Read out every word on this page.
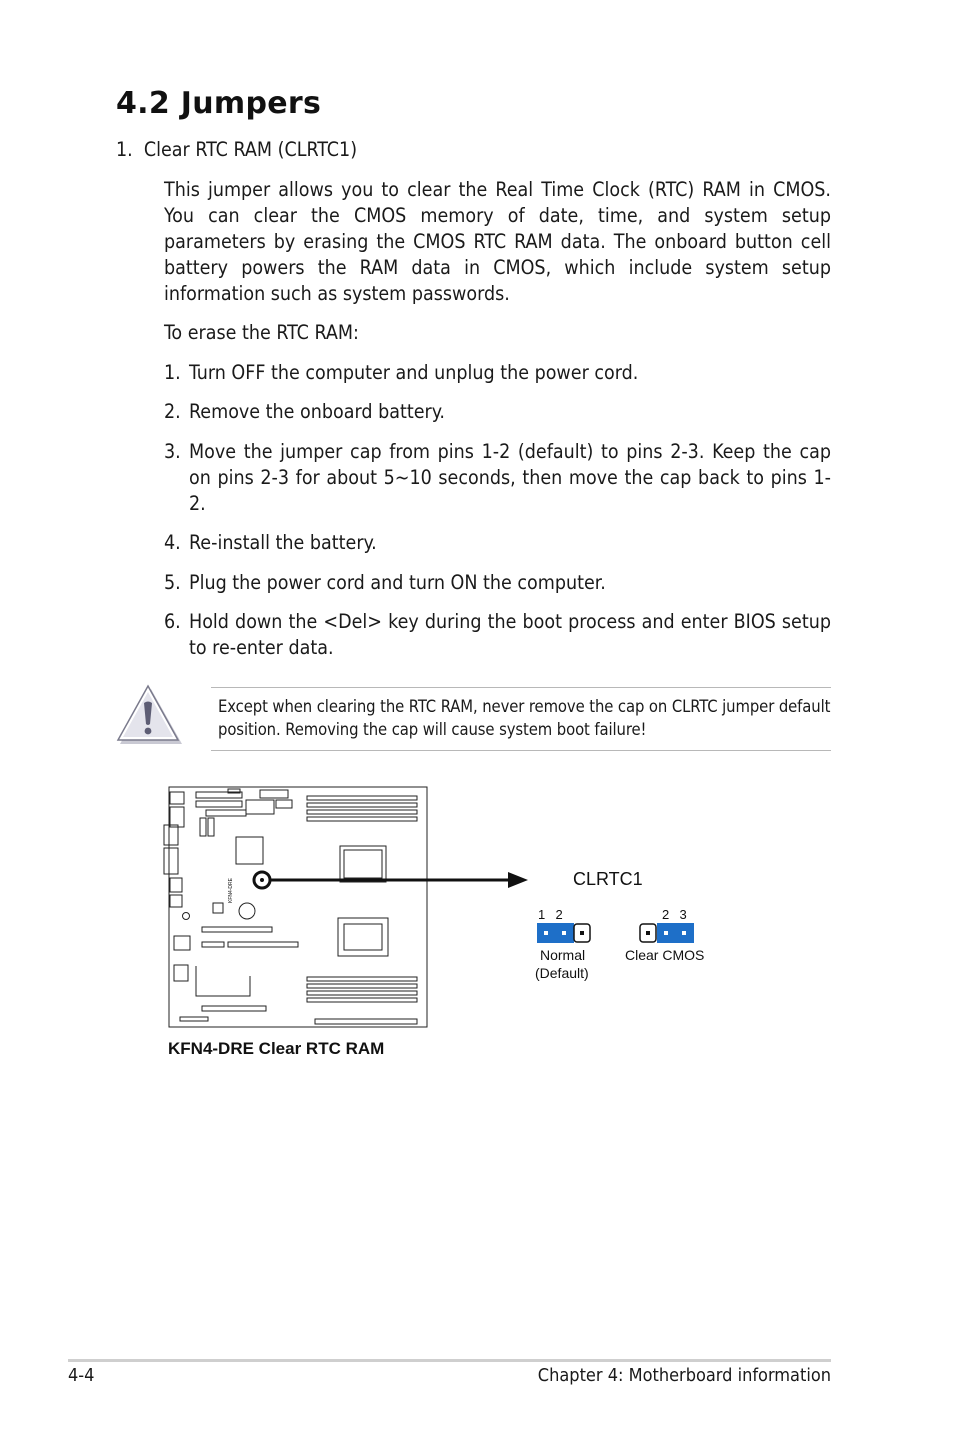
4.2 Jumpers
1. Clear RTC RAM (CLRTC1)

This jumper allows you to clear the Real Time Clock (RTC) RAM in CMOS. You can clear the CMOS memory of date, time, and system setup parameters by erasing the CMOS RTC RAM data. The onboard button cell battery powers the RAM data in CMOS, which include system setup information such as system passwords.

To erase the RTC RAM:

1. Turn OFF the computer and unplug the power cord.
2. Remove the onboard battery.
3. Move the jumper cap from pins 1-2 (default) to pins 2-3. Keep the cap on pins 2-3 for about 5~10 seconds, then move the cap back to pins 1-2.
4. Re-install the battery.
5. Plug the power cord and turn ON the computer.
6. Hold down the <Del> key during the boot process and enter BIOS setup to re-enter data.
Except when clearing the RTC RAM, never remove the cap on CLRTC jumper default position. Removing the cap will cause system boot failure!
KFN4-DRE	CLRTC1
1  2	2  3
Normal
(Default)
Clear CMOS
KFN4-DRE Clear RTC RAM
4-4	Chapter 4: Motherboard information
